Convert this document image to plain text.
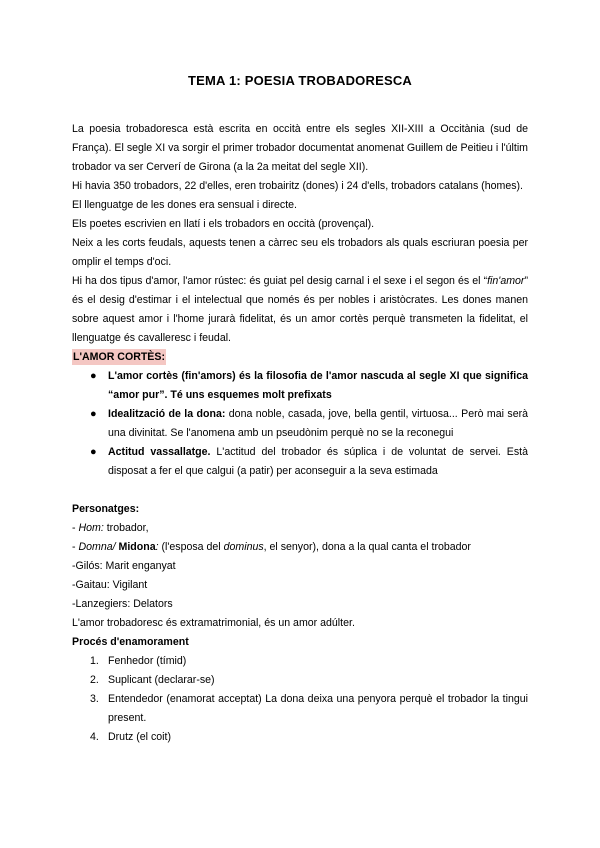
TEMA 1: POESIA TROBADORESCA

La poesia trobadoresca està escrita en occità entre els segles XII-XIII a Occitània (sud de França). El segle XI va sorgir el primer trobador documentat anomenat Guillem de Peitieu i l'últim trobador va ser Cerverí de Girona (a la 2a meitat del segle XII).

Hi havia 350 trobadors, 22 d'elles, eren trobairitz (dones) i 24 d'ells, trobadors catalans (homes).

El llenguatge de les dones era sensual i directe.

Els poetes escrivien en llatí i els trobadors en occità (provençal).

Neix a les corts feudals, aquests tenen a càrrec seu els trobadors als quals escriuran poesia per omplir el temps d'oci.

Hi ha dos tipus d'amor, l'amor rústec: és guiat pel desig carnal i el sexe i el segon és el “fin'amor” és el desig d'estimar i el intelectual que només és per nobles i aristòcrates. Les dones manen sobre aquest amor i l'home jurarà fidelitat, és un amor cortès perquè transmeten la fidelitat, el llenguatge és cavalleresc i feudal.

L'AMOR CORTÈS:

● L'amor cortès (fin'amors) és la filosofia de l'amor nascuda al segle XI que significa “amor pur”. Té uns esquemes molt prefixats
● Idealització de la dona: dona noble, casada, jove, bella gentil, virtuosa... Però mai serà una divinitat. Se l'anomena amb un pseudònim perquè no se la reconegui
● Actitud vassallatge. L'actitud del trobador és súplica i de voluntat de servei. Està disposat a fer el que calgui (a patir) per aconseguir a la seva estimada

Personatges:

- Hom: trobador,

- Domna/ Midona: (l'esposa del dominus, el senyor), dona a la qual canta el trobador

-Gilós: Marit enganyat

-Gaitau: Vigilant

-Lanzegiers: Delators

L'amor trobadoresc és extramatrimonial, és un amor adúlter.

Procés d'enamorament

1. Fenhedor (tímid)
2. Suplicant (declarar-se)
3. Entendedor (enamorat acceptat) La dona deixa una penyora perquè el trobador la tingui present.
4. Drutz (el coit)
